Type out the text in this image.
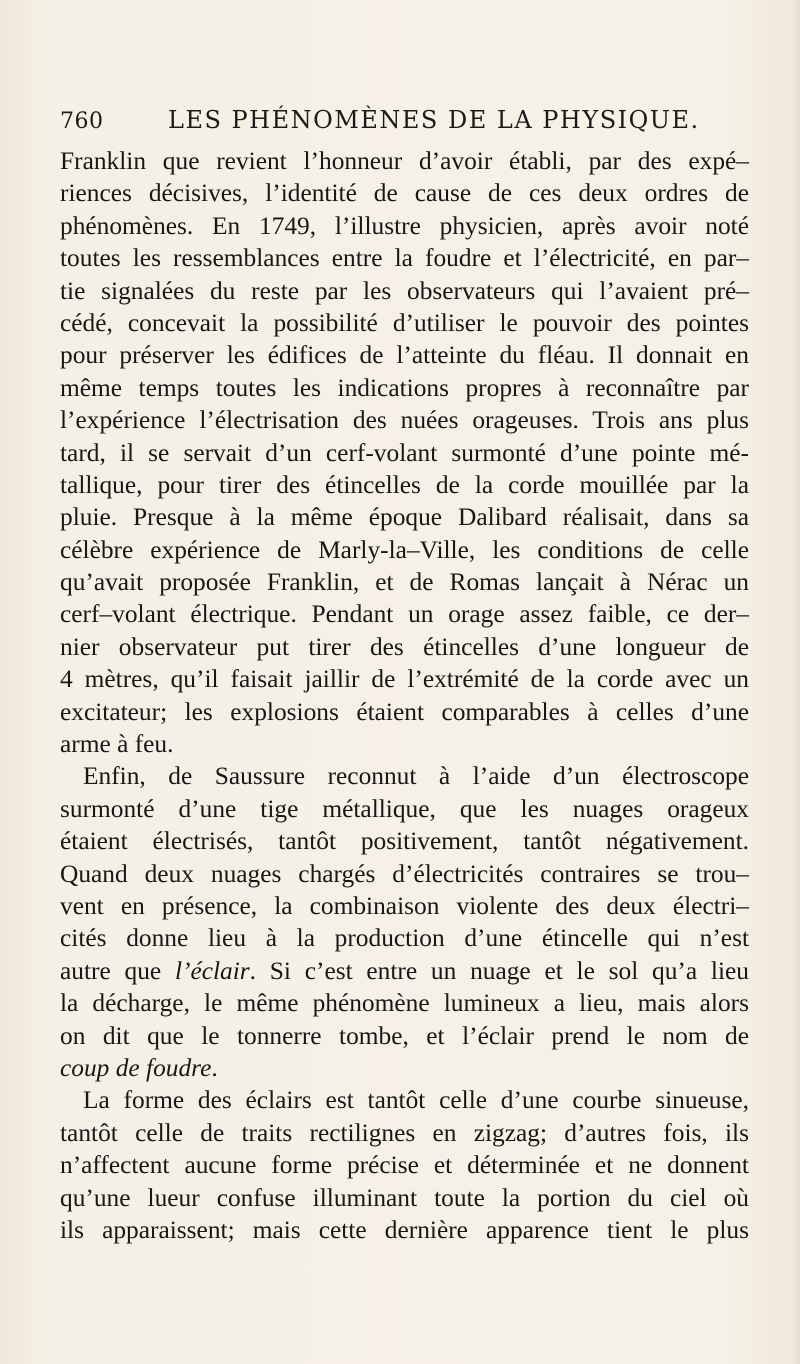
760	LES PHÉNOMÈNES DE LA PHYSIQUE.
Franklin que revient l’honneur d’avoir établi, par des expé–
riences décisives, l’identité de cause de ces deux ordres de
phénomènes. En 1749, l’illustre physicien, après avoir noté
toutes les ressemblances entre la foudre et l’électricité, en par–
tie signalées du reste par les observateurs qui l’avaient pré–
cédé, concevait la possibilité d’utiliser le pouvoir des pointes
pour préserver les édifices de l’atteinte du fléau. Il donnait en
même temps toutes les indications propres à reconnaître par
l’expérience l’électrisation des nuées orageuses. Trois ans plus
tard, il se servait d’un cerf-volant surmonté d’une pointe mé-
tallique, pour tirer des étincelles de la corde mouillée par la
pluie. Presque à la même époque Dalibard réalisait, dans sa
célèbre expérience de Marly-la–Ville, les conditions de celle
qu’avait proposée Franklin, et de Romas lançait à Nérac un
cerf–volant électrique. Pendant un orage assez faible, ce der–
nier observateur put tirer des étincelles d’une longueur de
4 mètres, qu’il faisait jaillir de l’extrémité de la corde avec un
excitateur; les explosions étaient comparables à celles d’une
arme à feu.
Enfin, de Saussure reconnut à l’aide d’un électroscope
surmonté d’une tige métallique, que les nuages orageux
étaient électrisés, tantôt positivement, tantôt négativement.
Quand deux nuages chargés d’électricités contraires se trou–
vent en présence, la combinaison violente des deux électri–
cités donne lieu à la production d’une étincelle qui n’est
autre que l’éclair. Si c’est entre un nuage et le sol qu’a lieu
la décharge, le même phénomène lumineux a lieu, mais alors
on dit que le tonnerre tombe, et l’éclair prend le nom de
coup de foudre.
La forme des éclairs est tantôt celle d’une courbe sinueuse,
tantôt celle de traits rectilignes en zigzag; d’autres fois, ils
n’affectent aucune forme précise et déterminée et ne donnent
qu’une lueur confuse illuminant toute la portion du ciel où
ils apparaissent; mais cette dernière apparence tient le plus
